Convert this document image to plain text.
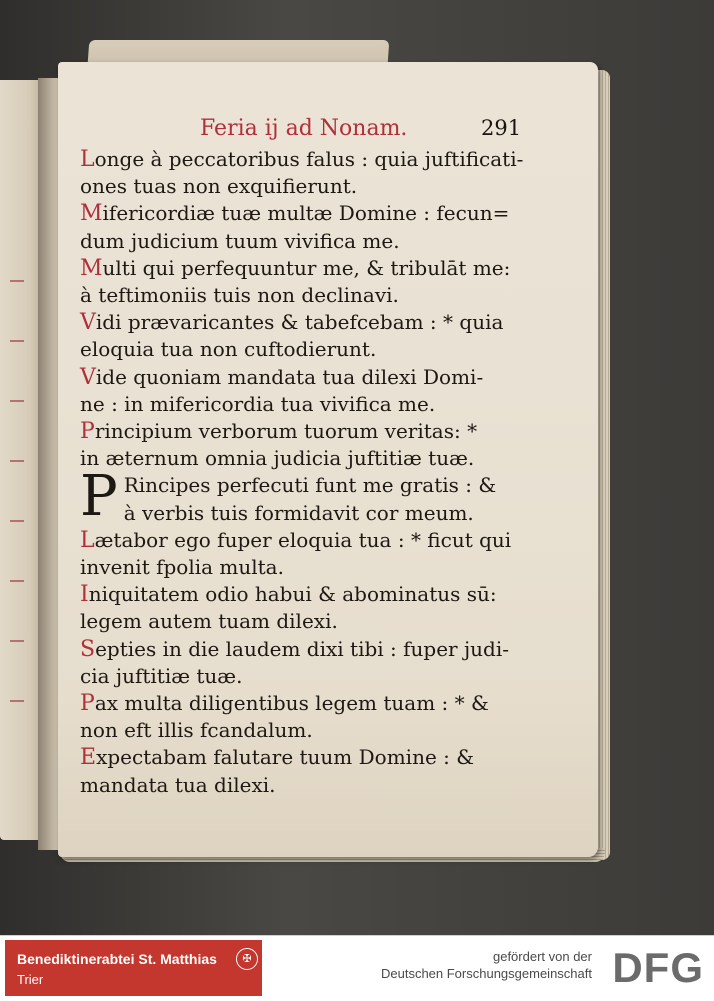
Feria ij ad Nonam.	291
Longe à peccatoribus falus : quia juftificati-
ones tuas non exquifierunt.
Mifericordiæ tuæ multæ Domine : fecun=
dum judicium tuum vivifica me.
Multi qui perfequuntur me, & tribulāt me:
à teftimoniis tuis non declinavi.
Vidi prævaricantes & tabefcebam : * quia
eloquia tua non cuftodierunt.
Vide quoniam mandata tua dilexi Domi-
ne : in mifericordia tua vivifica me.
Principium verborum tuorum veritas: *
in æternum omnia judicia juftitiæ tuæ.
P Rincipes perfecuti funt me gratis : &
à verbis tuis formidavit cor meum.
Lætabor ego fuper eloquia tua : * ficut qui
invenit fpolia multa.
Iniquitatem odio habui & abominatus sū:
legem autem tuam dilexi.
Septies in die laudem dixi tibi : fuper judi-
cia juftitiæ tuæ.
Pax multa diligentibus legem tuam : * &
non eft illis fcandalum.
Expectabam falutare tuum Domine : &
mandata tua dilexi.
Benediktinerabtei St. Matthias
Trier
✠	gefördert von der
Deutschen Forschungsgemeinschaft DFG
